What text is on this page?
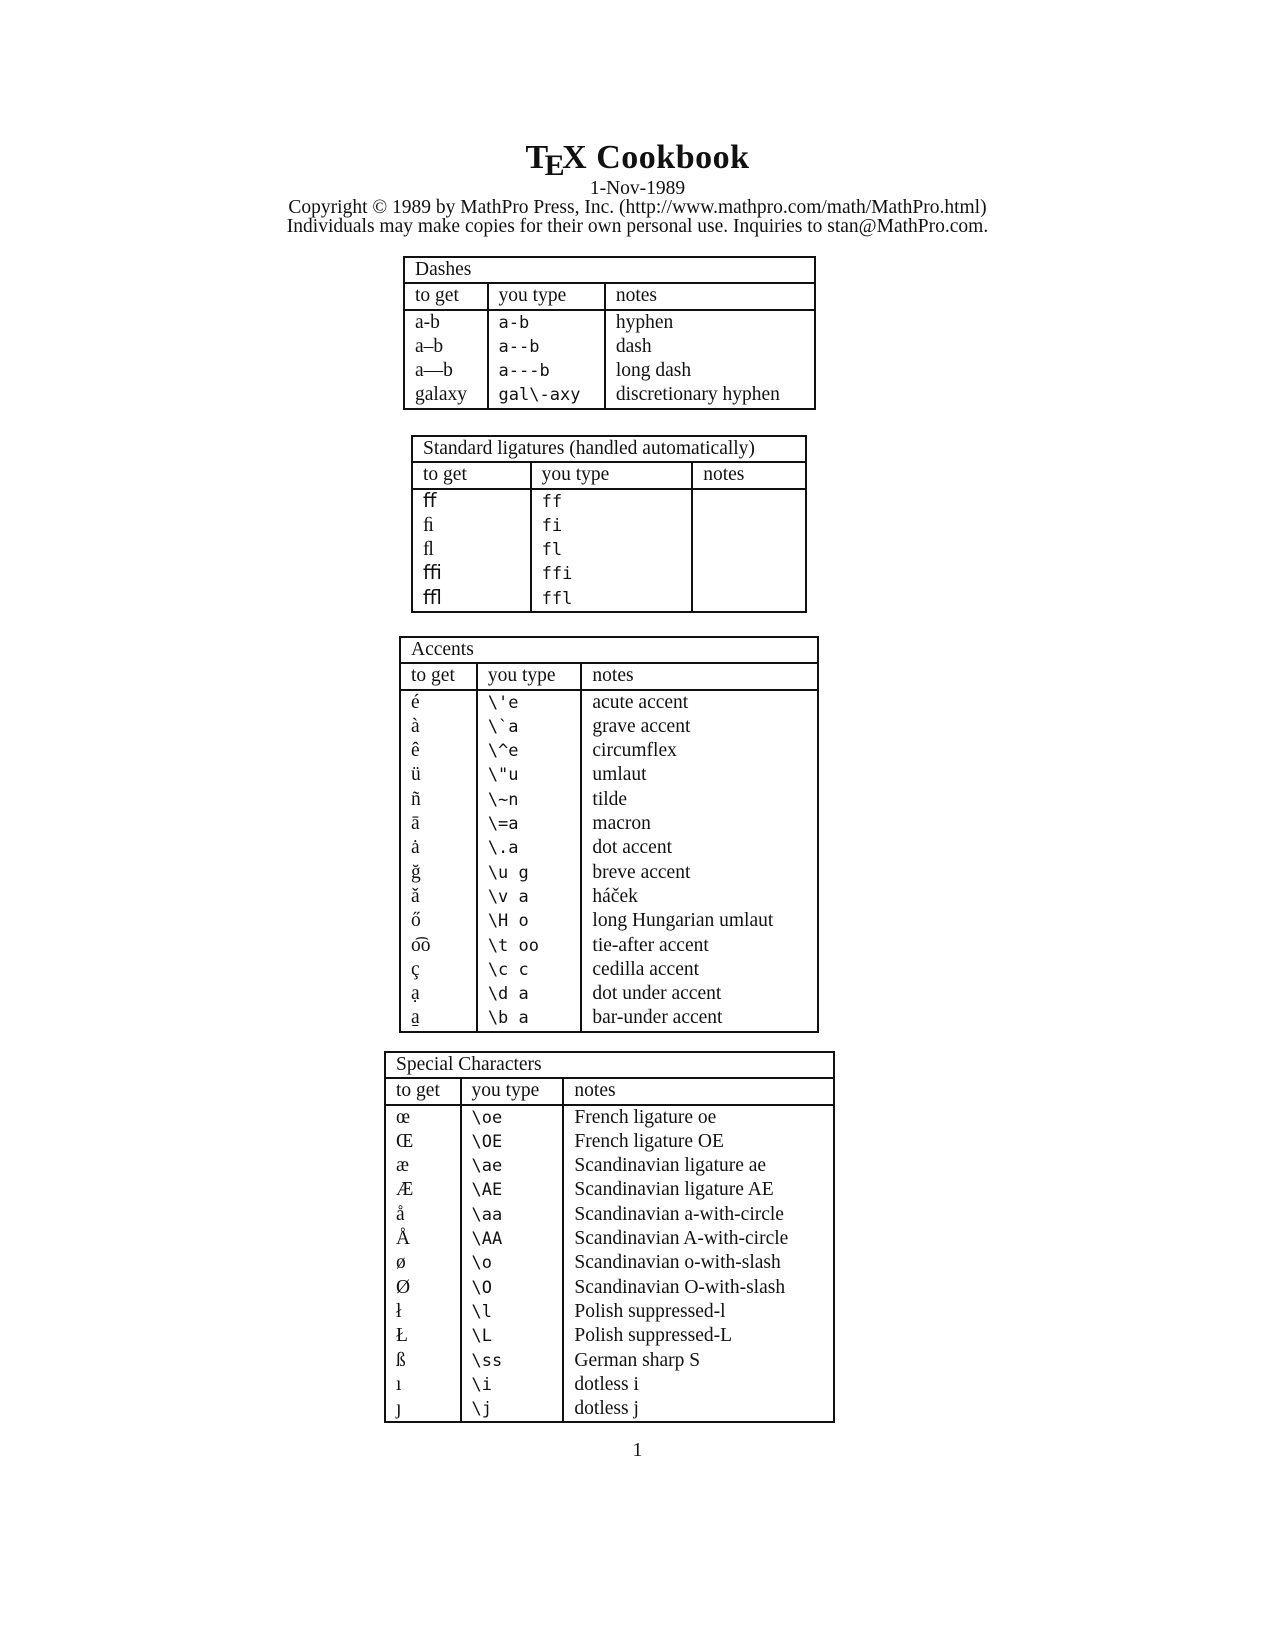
TEX Cookbook

1-Nov-1989

Copyright © 1989 by MathPro Press, Inc. (http://www.mathpro.com/math/MathPro.html)

Individuals may make copies for their own personal use. Inquiries to stan@MathPro.com.

Dashes		
to get	you type	notes
a-b	a-b	hyphen
a–b	a--b	dash
a—b	a---b	long dash
galaxy	gal\-axy	discretionary hyphen
Standard ligatures (handled automatically)		
to get	you type	notes
ﬀ	ff	
ﬁ	fi	
ﬂ	fl	
ﬃ	ffi	
ﬄ	ffl	
Accents		
to get	you type	notes
é	\'e	acute accent
à	\`a	grave accent
ê	\^e	circumflex
ü	\"u	umlaut
ñ	\~n	tilde
ā	\=a	macron
ȧ	\.a	dot accent
ğ	\u g	breve accent
ǎ	\v a	háček
ő	\H o	long Hungarian umlaut
o͡o	\t oo	tie-after accent
ç	\c c	cedilla accent
ạ	\d a	dot under accent
a̱	\b a	bar-under accent
Special Characters		
to get	you type	notes
œ	\oe	French ligature oe
Œ	\OE	French ligature OE
æ	\ae	Scandinavian ligature ae
Æ	\AE	Scandinavian ligature AE
å	\aa	Scandinavian a-with-circle
Å	\AA	Scandinavian A-with-circle
ø	\o	Scandinavian o-with-slash
Ø	\O	Scandinavian O-with-slash
ł	\l	Polish suppressed-l
Ł	\L	Polish suppressed-L
ß	\ss	German sharp S
ı	\i	dotless i
ȷ	\j	dotless j
1
